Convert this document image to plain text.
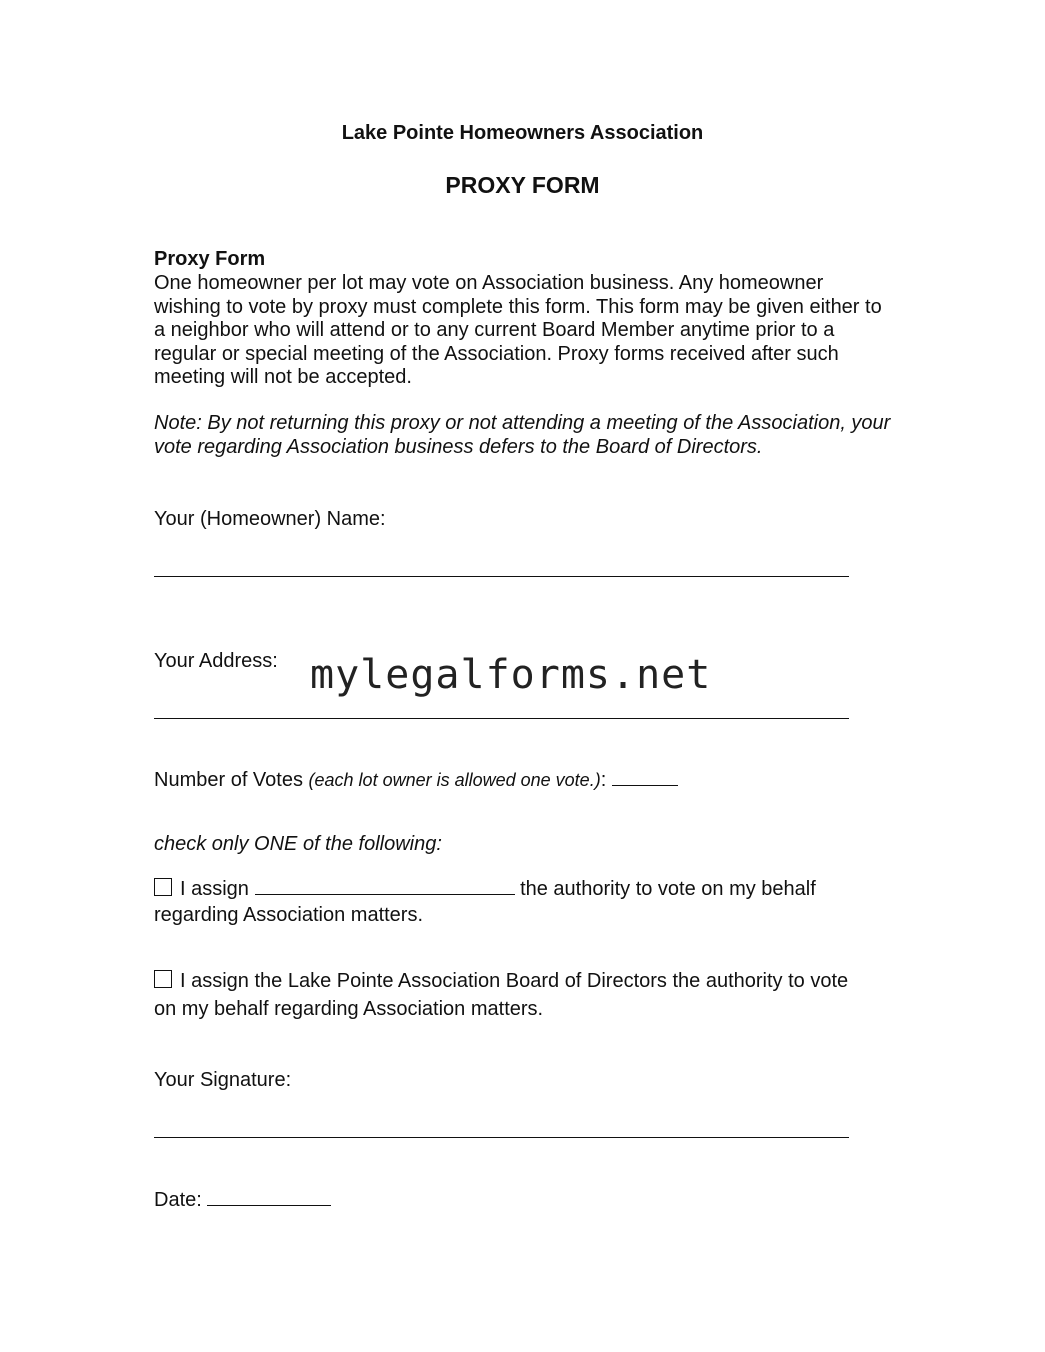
Lake Pointe Homeowners Association
PROXY FORM
Proxy Form
One homeowner per lot may vote on Association business. Any homeowner wishing to vote by proxy must complete this form. This form may be given either to a neighbor who will attend or to any current Board Member anytime prior to a regular or special meeting of the Association. Proxy forms received after such meeting will not be accepted.
Note: By not returning this proxy or not attending a meeting of the Association, your vote regarding Association business defers to the Board of Directors.
Your (Homeowner) Name:
Your Address: mylegalforms.net
Number of Votes (each lot owner is allowed one vote.):
check only ONE of the following:
I assign	the authority to vote on my behalf
regarding Association matters.
I assign the Lake Pointe Association Board of Directors the authority to vote
on my behalf regarding Association matters.
Your Signature:
Date:
